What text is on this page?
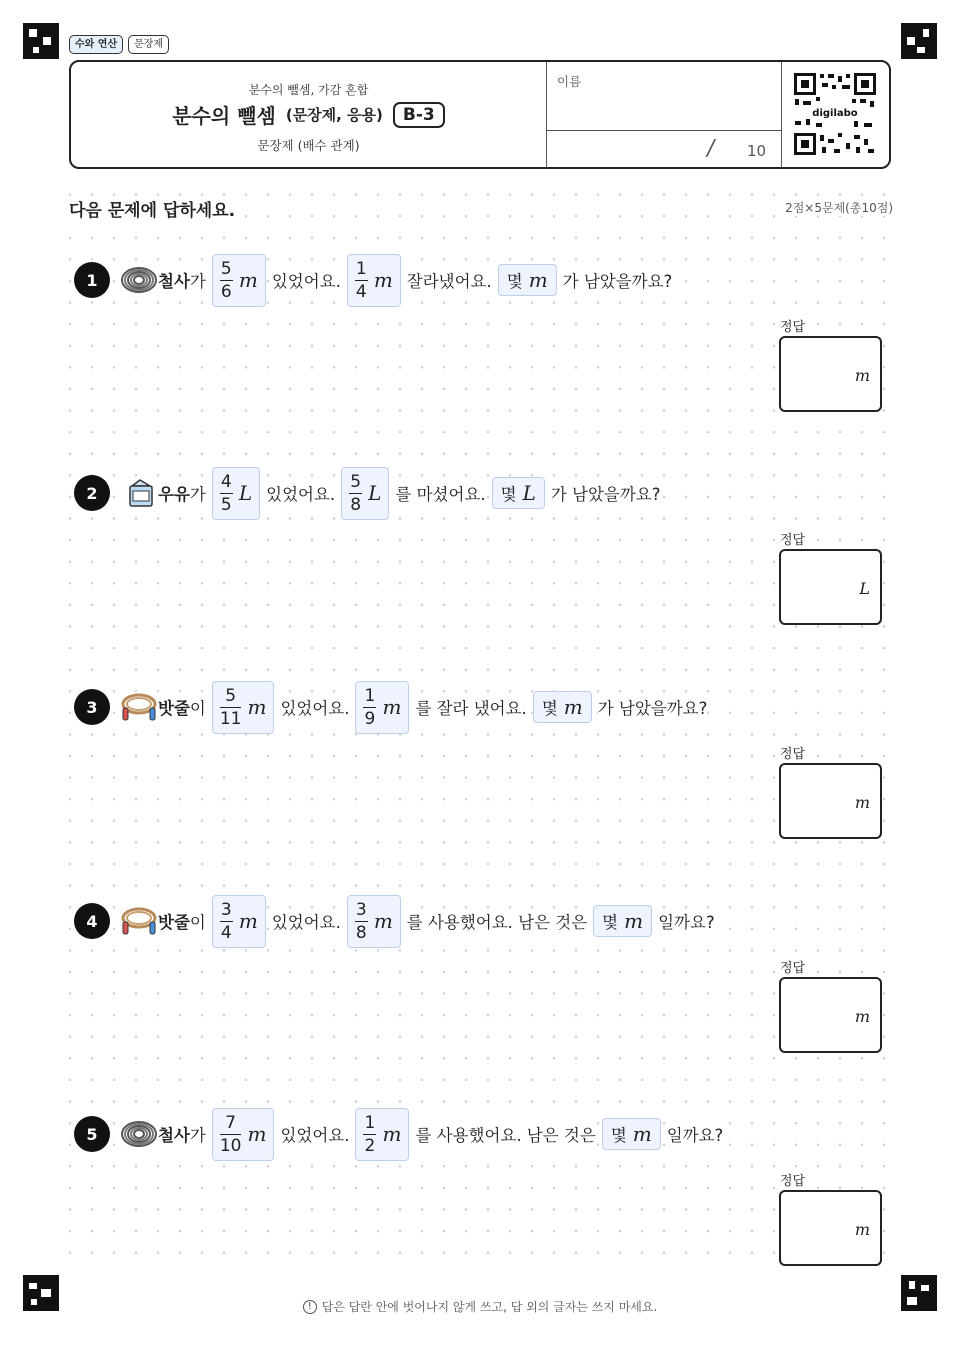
수와 연산	문장제
분수의 뺄셈, 가감 혼합
분수의 뺄셈 (문장제, 응용)	B-3
문장제 (배수 관계)
이름
/ 10
digilabo
다음 문제에 답하세요.	2점×5문제(총10점)
1	철사 가 $\frac{5}{6}$ m 있었어요. $\frac{1}{4}$ m 잘라냈어요. 몇 m 가 남았을까요?
2	우유 가 $\frac{4}{5}$ L 있었어요. $\frac{5}{8}$ L 를 마셨어요. 몇 L 가 남았을까요?
3	밧줄 이 $\frac{5}{11}$ m 있었어요. $\frac{1}{9}$ m 를 잘라 냈어요. 몇 m 가 남았을까요?
4	밧줄 이 $\frac{3}{4}$ m 있었어요. $\frac{3}{8}$ m 를 사용했어요. 남은 것은 몇 m 일까요?
5	철사 가 $\frac{7}{10}$ m 있었어요. $\frac{1}{2}$ m 를 사용했어요. 남은 것은 몇 m 일까요?
정답
m
정답
L
정답
m
정답
m
정답
m
! 답은 답란 안에 벗어나지 않게 쓰고, 답 외의 글자는 쓰지 마세요.
